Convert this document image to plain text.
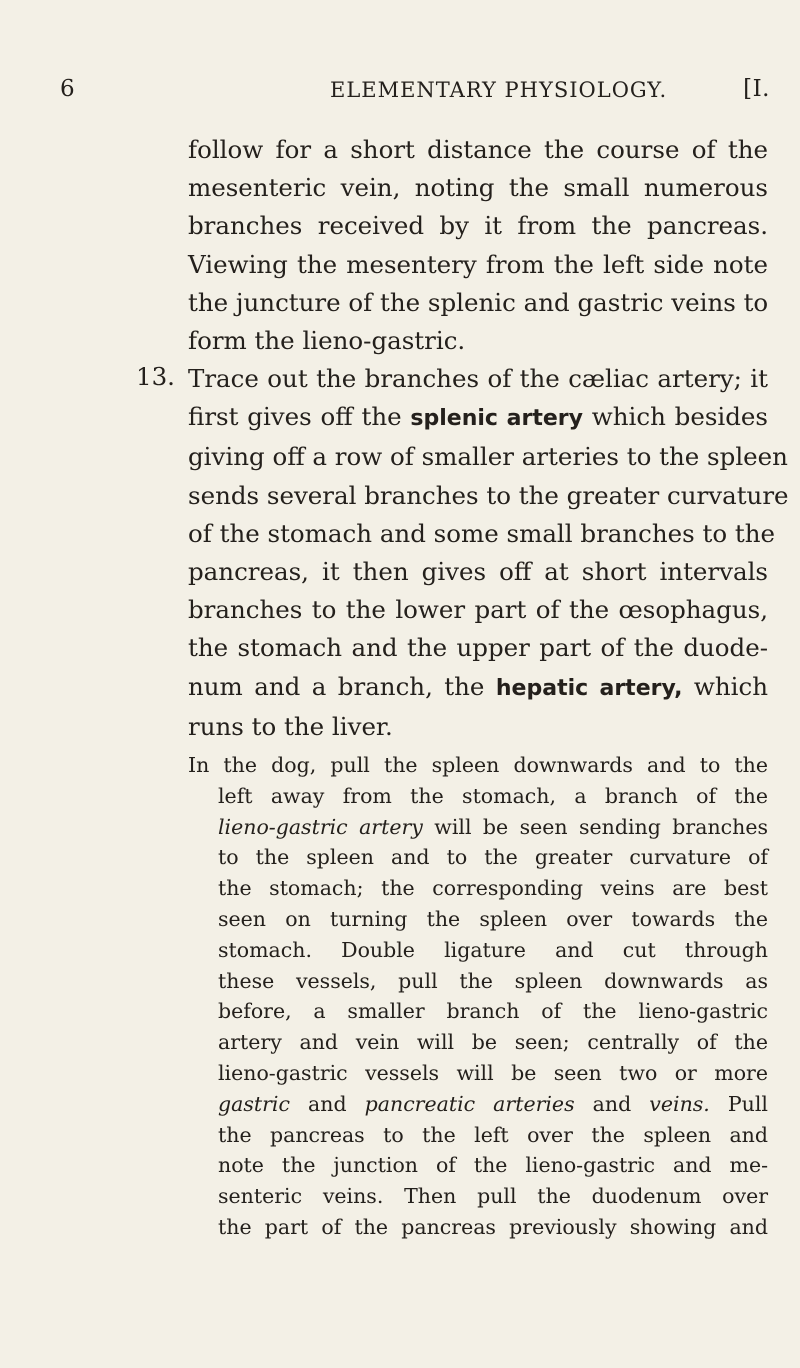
6	ELEMENTARY PHYSIOLOGY.	[I.
follow for a short distance the course of the
mesenteric vein, noting the small numerous
branches received by it from the pancreas.
Viewing the mesentery from the left side note
the juncture of the splenic and gastric veins to
form the lieno-gastric.
13. Trace out the branches of the cæliac artery; it
first gives off the splenic artery which besides
giving off a row of smaller arteries to the spleen
sends several branches to the greater curvature
of the stomach and some small branches to the
pancreas, it then gives off at short intervals
branches to the lower part of the œsophagus,
the stomach and the upper part of the duode-
num and a branch, the hepatic artery, which
runs to the liver.
In the dog, pull the spleen downwards and to the
left away from the stomach, a branch of the
lieno-gastric artery will be seen sending branches
to the spleen and to the greater curvature of
the stomach; the corresponding veins are best
seen on turning the spleen over towards the
stomach. Double ligature and cut through
these vessels, pull the spleen downwards as
before, a smaller branch of the lieno-gastric
artery and vein will be seen; centrally of the
lieno-gastric vessels will be seen two or more
gastric and pancreatic arteries and veins. Pull
the pancreas to the left over the spleen and
note the junction of the lieno-gastric and me-
senteric veins. Then pull the duodenum over
the part of the pancreas previously showing and
